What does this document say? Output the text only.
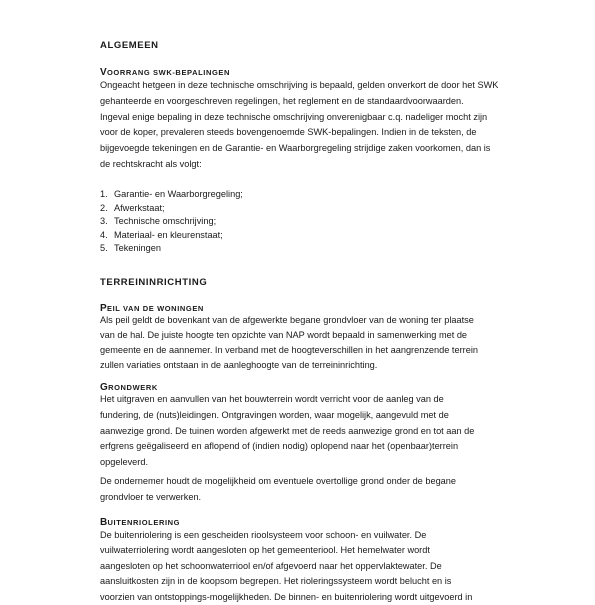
ALGEMEEN
VOORRANG SWK-BEPALINGEN

Ongeacht hetgeen in deze technische omschrijving is bepaald, gelden onverkort de door het SWK
gehanteerde en voorgeschreven regelingen, het reglement en de standaardvoorwaarden.
Ingeval enige bepaling in deze technische omschrijving onverenigbaar c.q. nadeliger mocht zijn
voor de koper, prevaleren steeds bovengenoemde SWK-bepalingen. Indien in de teksten, de
bijgevoegde tekeningen en de Garantie- en Waarborgregeling strijdige zaken voorkomen, dan is
de rechtskracht als volgt:

1. Garantie- en Waarborgregeling;
2. Afwerkstaat;
3. Technische omschrijving;
4. Materiaal- en kleurenstaat;
5. Tekeningen
TERREININRICHTING
PEIL VAN DE WONINGEN

Als peil geldt de bovenkant van de afgewerkte begane grondvloer van de woning ter plaatse
van de hal. De juiste hoogte ten opzichte van NAP wordt bepaald in samenwerking met de
gemeente en de aannemer. In verband met de hoogteverschillen in het aangrenzende terrein
zullen variaties ontstaan in de aanleghoogte van de terreininrichting.

GRONDWERK

Het uitgraven en aanvullen van het bouwterrein wordt verricht voor de aanleg van de
fundering, de (nuts)leidingen. Ontgravingen worden, waar mogelijk, aangevuld met de
aanwezige grond. De tuinen worden afgewerkt met de reeds aanwezige grond en tot aan de
erfgrens geëgaliseerd en aflopend of (indien nodig) oplopend naar het (openbaar)terrein
opgeleverd.

De ondernemer houdt de mogelijkheid om eventuele overtollige grond onder de begane
grondvloer te verwerken.

BUITENRIOLERING

De buitenriolering is een gescheiden rioolsysteem voor schoon- en vuilwater. De
vuilwaterriolering wordt aangesloten op het gemeenteriool. Het hemelwater wordt
aangesloten op het schoonwaterriool en/of afgevoerd naar het oppervlaktewater. De
aansluitkosten zijn in de koopsom begrepen. Het rioleringssysteem wordt belucht en is
voorzien van ontstoppings-mogelijkheden. De binnen- en buitenriolering wordt uitgevoerd in
